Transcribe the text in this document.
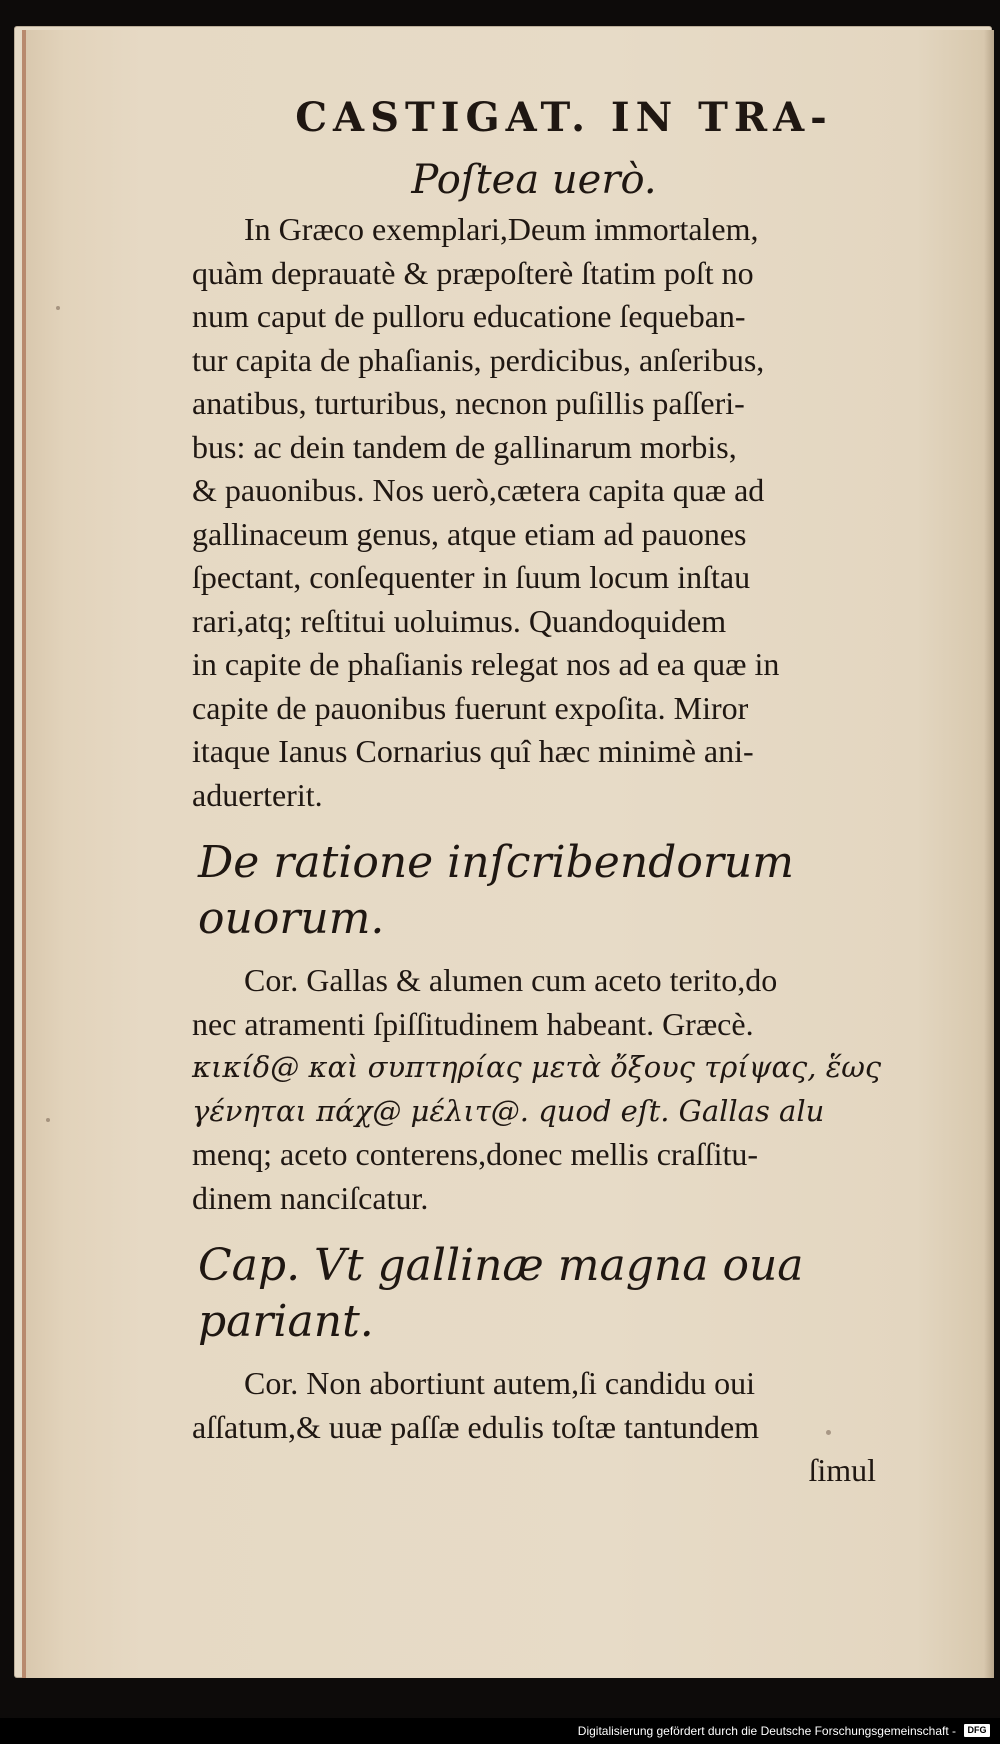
CASTIGAT. IN TRA-
Poſtea uerò.
In Græco exemplari,Deum immortalem,
quàm deprauatè & præpoſterè ſtatim poſt no
num caput de pulloru educatione ſequeban-
tur capita de phaſianis, perdicibus, anſeribus,
anatibus, turturibus, necnon puſillis paſſeri-
bus: ac dein tandem de gallinarum morbis,
& pauonibus. Nos uerò,cætera capita quæ ad
gallinaceum genus, atque etiam ad pauones
ſpectant, conſequenter in ſuum locum inſtau
rari,atq; reſtitui uoluimus. Quandoquidem
in capite de phaſianis relegat nos ad ea quæ in
capite de pauonibus fuerunt expoſita. Miror
itaque Ianus Cornarius quî hæc minimè ani-
aduerterit.
De ratione inſcribendorum ouorum.
Cor. Gallas & alumen cum aceto terito,do
nec atramenti ſpiſſitudinem habeant. Græcè.
κικίδ@ καὶ συπτηρίας μετὰ ὄξους τρίψας, ἕως
γένηται πάχ@ μέλιτ@. quod eſt. Gallas alu
menq; aceto conterens,donec mellis craſſitu-
dinem nanciſcatur.
Cap. Vt gallinæ magna oua pariant.
Cor. Non abortiunt autem,ſi candidu oui
aſſatum,& uuæ paſſæ edulis toſtæ tantundem
ſimul
Digitalisierung gefördert durch die Deutsche Forschungsgemeinschaft -	DFG
